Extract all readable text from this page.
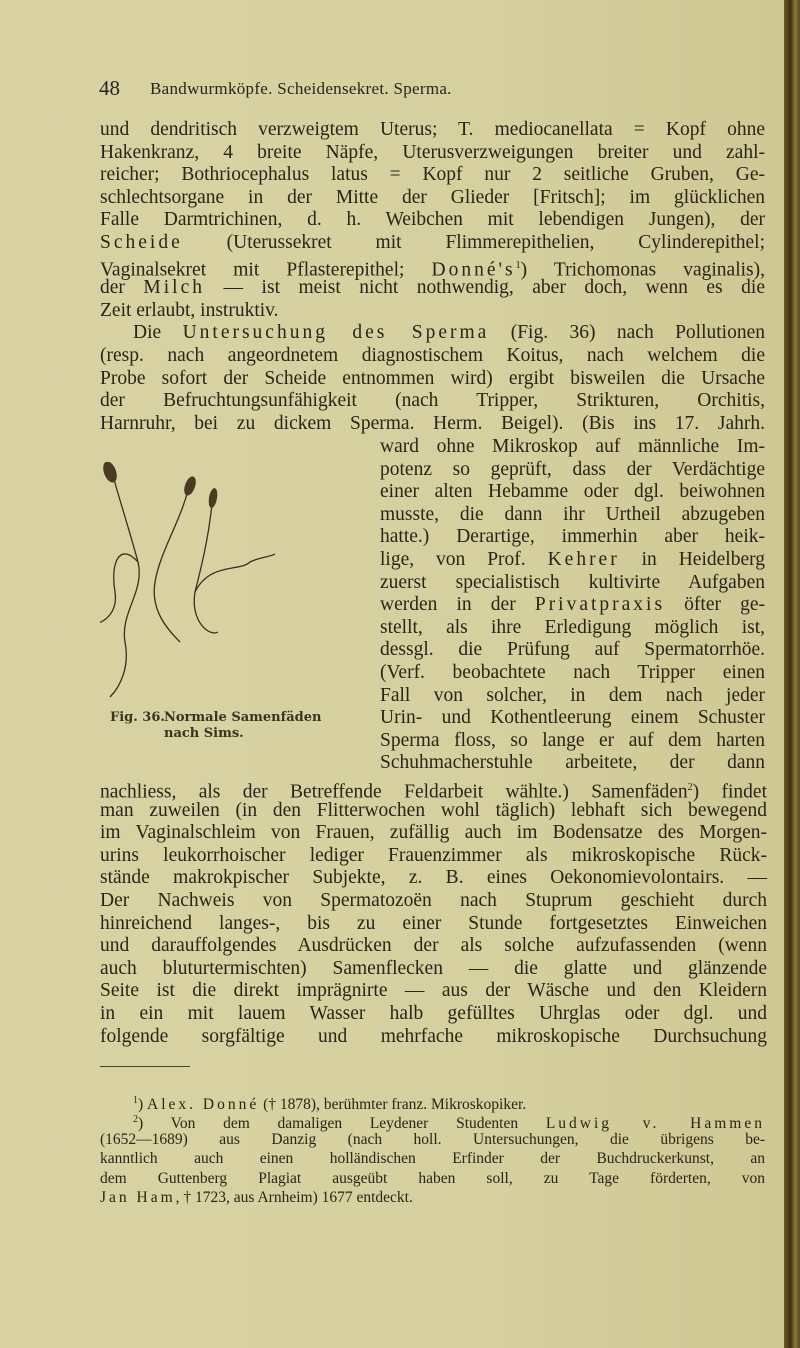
48 Bandwurmköpfe. Scheidensekret. Sperma.
und dendritisch verzweigtem Uterus; T. mediocanellata = Kopf ohne
Hakenkranz, 4 breite Näpfe, Uterusverzweigungen breiter und zahl-
reicher; Bothriocephalus latus = Kopf nur 2 seitliche Gruben, Ge-
schlechtsorgane in der Mitte der Glieder [Fritsch]; im glücklichen
Falle Darmtrichinen, d. h. Weibchen mit lebendigen Jungen), der
Scheide (Uterussekret mit Flimmerepithelien, Cylinderepithel;
Vaginalsekret mit Pflasterepithel; $Donné's^1$) Trichomonas vaginalis),
der Milch — ist meist nicht nothwendig, aber doch, wenn es die
Zeit erlaubt, instruktiv.
Die Untersuchung des Sperma (Fig. 36) nach Pollutionen
(resp. nach angeordnetem diagnostischem Koitus, nach welchem die
Probe sofort der Scheide entnommen wird) ergibt bisweilen die Ursache
der Befruchtungsunfähigkeit (nach Tripper, Strikturen, Orchitis,
Harnruhr, bei zu dickem Sperma. Herm. Beigel). (Bis ins 17. Jahrh.
ward ohne Mikroskop auf männliche Im-
potenz so geprüft, dass der Verdächtige
einer alten Hebamme oder dgl. beiwohnen
musste, die dann ihr Urtheil abzugeben
hatte.) Derartige, immerhin aber heik-
lige, von Prof. Kehrer in Heidelberg
zuerst specialistisch kultivirte Aufgaben
werden in der Privatpraxis öfter ge-
stellt, als ihre Erledigung möglich ist,
dessgl. die Prüfung auf Spermatorrhöe.
(Verf. beobachtete nach Tripper einen
Fall von solcher, in dem nach jeder
Urin- und Kothentleerung einem Schuster
Sperma floss, so lange er auf dem harten
Schuhmacherstuhle arbeitete, der dann
nachliess, als der Betreffende Feldarbeit wählte.) Samenfäden$^2$) findet
man zuweilen (in den Flitterwochen wohl täglich) lebhaft sich bewegend
im Vaginalschleim von Frauen, zufällig auch im Bodensatze des Morgen-
urins leukorrhoischer lediger Frauenzimmer als mikroskopische Rück-
stände makrokpischer Subjekte, z. B. eines Oekonomievolontairs. —
Der Nachweis von Spermatozoën nach Stuprum geschieht durch
hinreichend langes-, bis zu einer Stunde fortgesetztes Einweichen
und darauffolgendes Ausdrücken der als solche aufzufassenden (wenn
auch bluturtermischten) Samenflecken — die glatte und glänzende
Seite ist die direkt imprägnirte — aus der Wäsche und den Kleidern
in ein mit lauem Wasser halb gefülltes Uhrglas oder dgl. und
folgende sorgfältige und mehrfache mikroskopische Durchsuchung
$^1$) Alex. Donné († 1878), berühmter franz. Mikroskopiker.
$^2$) Von dem damaligen Leydener Studenten Ludwig v. Hammen
(1652—1689) aus Danzig (nach holl. Untersuchungen, die übrigens be-
kanntlich auch einen holländischen Erfinder der Buchdruckerkunst, an
dem Guttenberg Plagiat ausgeübt haben soll, zu Tage förderten, von
Jan Ham, † 1723, aus Arnheim) 1677 entdeckt.
Fig. 36. Normale Samenfäden
nach Sims.
